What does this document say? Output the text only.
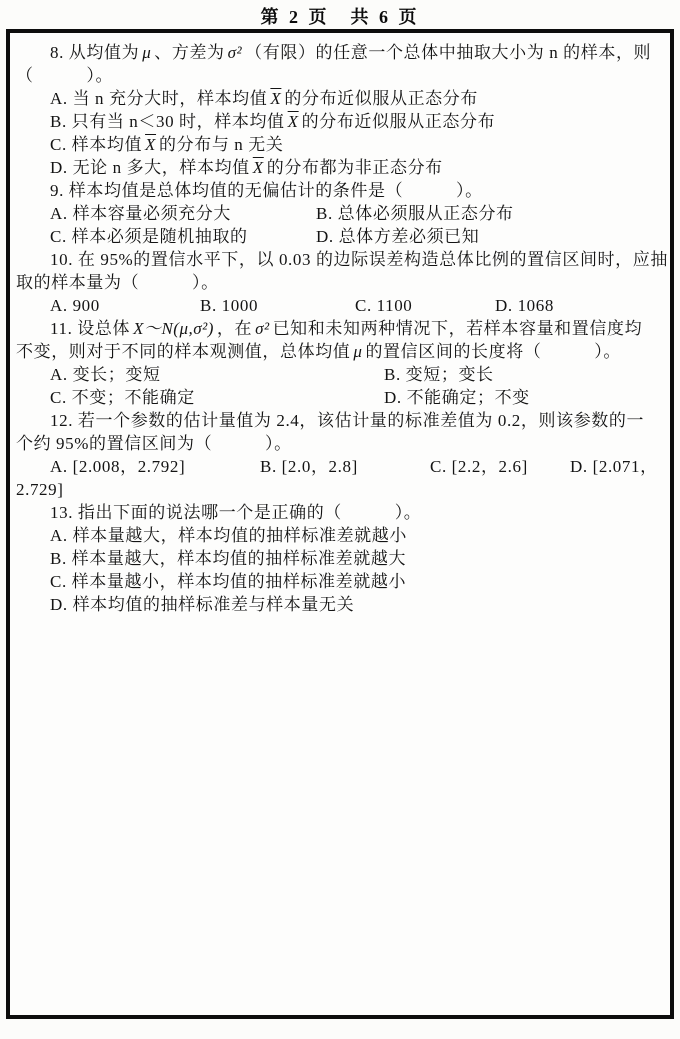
第 2 页　共 6 页

8. 从均值为 μ 、方差为 σ² （有限）的任意一个总体中抽取大小为 n 的样本，则

（　　　）。

A. 当 n 充分大时，样本均值 $\overline{X}$ 的分布近似服从正态分布

B. 只有当 n＜30 时，样本均值 $\overline{X}$ 的分布近似服从正态分布

C. 样本均值 $\overline{X}$ 的分布与 n 无关

D. 无论 n 多大，样本均值 $\overline{X}$ 的分布都为非正态分布

9. 样本均值是总体均值的无偏估计的条件是（　　　）。

A. 样本容量必须充分大	B. 总体必须服从正态分布

C. 样本必须是随机抽取的	D. 总体方差必须已知

10. 在 95%的置信水平下，以 0.03 的边际误差构造总体比例的置信区间时，应抽

取的样本量为（　　　）。

A. 900	B. 1000	C. 1100	D. 1068

11. 设总体 X～N(μ,σ²) ，在 σ² 已知和未知两种情况下，若样本容量和置信度均

不变，则对于不同的样本观测值，总体均值 μ 的置信区间的长度将（　　　）。

A. 变长；变短	B. 变短；变长

C. 不变；不能确定	D. 不能确定；不变

12. 若一个参数的估计量值为 2.4，该估计量的标准差值为 0.2，则该参数的一

个约 95%的置信区间为（　　　）。

A. [2.008，2.792]	B. [2.0，2.8]	C. [2.2，2.6]	D. [2.071，

2.729]

13. 指出下面的说法哪一个是正确的（　　　）。

A. 样本量越大，样本均值的抽样标准差就越小

B. 样本量越大，样本均值的抽样标准差就越大

C. 样本量越小，样本均值的抽样标准差就越小

D. 样本均值的抽样标准差与样本量无关
